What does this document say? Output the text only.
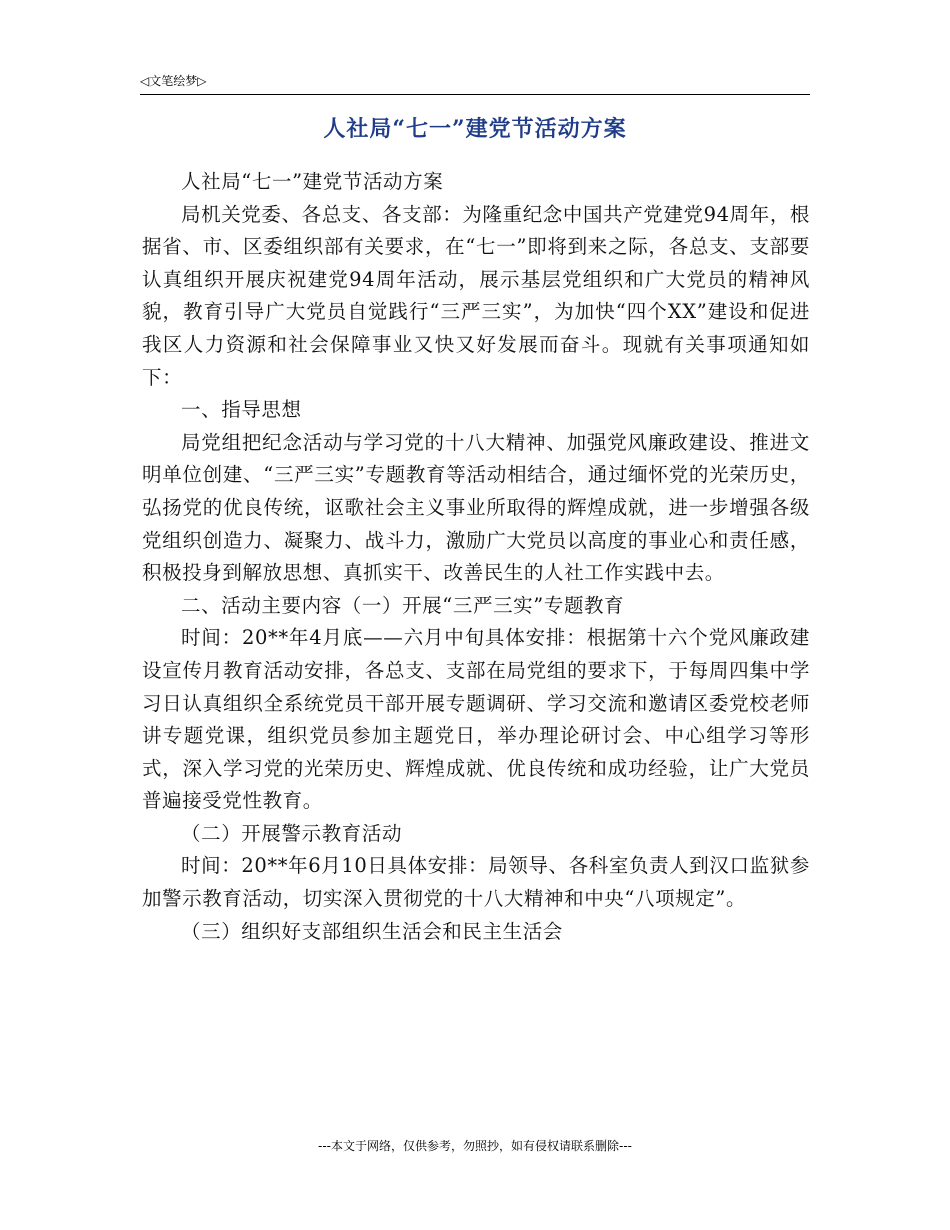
◁文笔绘梦▷
人社局“七一”建党节活动方案

人社局“七一”建党节活动方案

局机关党委、各总支、各支部：为隆重纪念中国共产党建党94周年，根据省、市、区委组织部有关要求，在“七一”即将到来之际，各总支、支部要认真组织开展庆祝建党94周年活动，展示基层党组织和广大党员的精神风貌，教育引导广大党员自觉践行“三严三实”，为加快“四个XX”建设和促进我区人力资源和社会保障事业又快又好发展而奋斗。现就有关事项通知如下：

一、指导思想

局党组把纪念活动与学习党的十八大精神、加强党风廉政建设、推进文明单位创建、“三严三实”专题教育等活动相结合，通过缅怀党的光荣历史，弘扬党的优良传统，讴歌社会主义事业所取得的辉煌成就，进一步增强各级党组织创造力、凝聚力、战斗力，激励广大党员以高度的事业心和责任感，积极投身到解放思想、真抓实干、改善民生的人社工作实践中去。

二、活动主要内容（一）开展“三严三实”专题教育

时间：20**年4月底——六月中旬具体安排：根据第十六个党风廉政建设宣传月教育活动安排，各总支、支部在局党组的要求下，于每周四集中学习日认真组织全系统党员干部开展专题调研、学习交流和邀请区委党校老师讲专题党课，组织党员参加主题党日，举办理论研讨会、中心组学习等形式，深入学习党的光荣历史、辉煌成就、优良传统和成功经验，让广大党员普遍接受党性教育。

（二）开展警示教育活动

时间：20**年6月10日具体安排：局领导、各科室负责人到汉口监狱参加警示教育活动，切实深入贯彻党的十八大精神和中央“八项规定”。

（三）组织好支部组织生活会和民主生活会

---本文于网络，仅供参考，勿照抄，如有侵权请联系删除---
